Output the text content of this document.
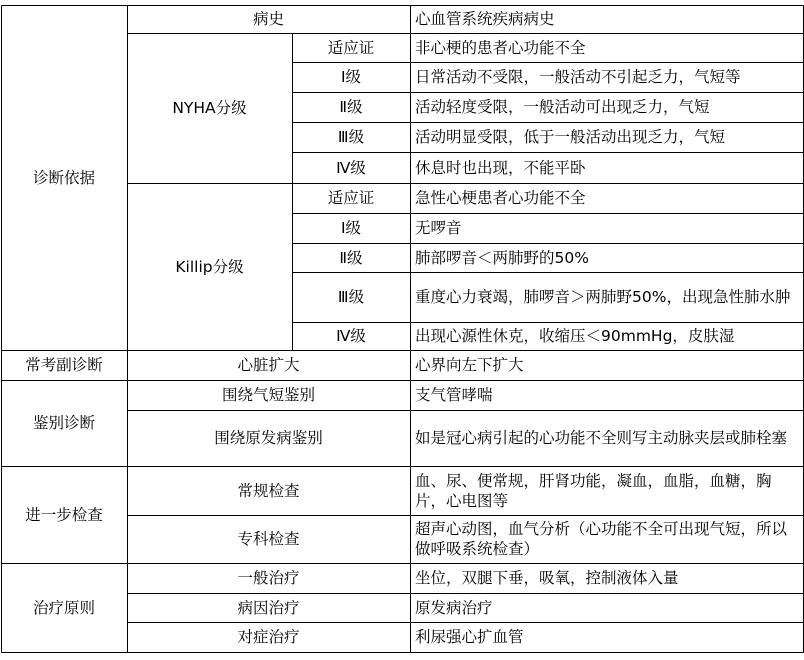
诊断依据
常考副诊断
鉴别诊断
进一步检查
治疗原则
病史
NYHA分级
Killip分级
心脏扩大
围绕气短鉴别
围绕原发病鉴别
常规检查
专科检查
一般治疗
病因治疗
对症治疗
适应证
Ⅰ级
Ⅱ级
Ⅲ级
Ⅳ级
适应证
Ⅰ级
Ⅱ级
Ⅲ级
Ⅳ级
心血管系统疾病病史
非心梗的患者心功能不全
日常活动不受限，一般活动不引起乏力，气短等
活动轻度受限，一般活动可出现乏力，气短
活动明显受限，低于一般活动出现乏力，气短
休息时也出现，不能平卧
急性心梗患者心功能不全
无啰音
肺部啰音＜两肺野的50%
重度心力衰竭，肺啰音＞两肺野50%，出现急性肺水肿
出现心源性休克，收缩压＜90mmHg，皮肤湿
心界向左下扩大
支气管哮喘
如是冠心病引起的心功能不全则写主动脉夹层或肺栓塞
血、尿、便常规，肝肾功能，凝血，血脂，血糖，胸片，心电图等
超声心动图，血气分析（心功能不全可出现气短，所以做呼吸系统检查）
坐位，双腿下垂，吸氧，控制液体入量
原发病治疗
利尿强心扩血管
